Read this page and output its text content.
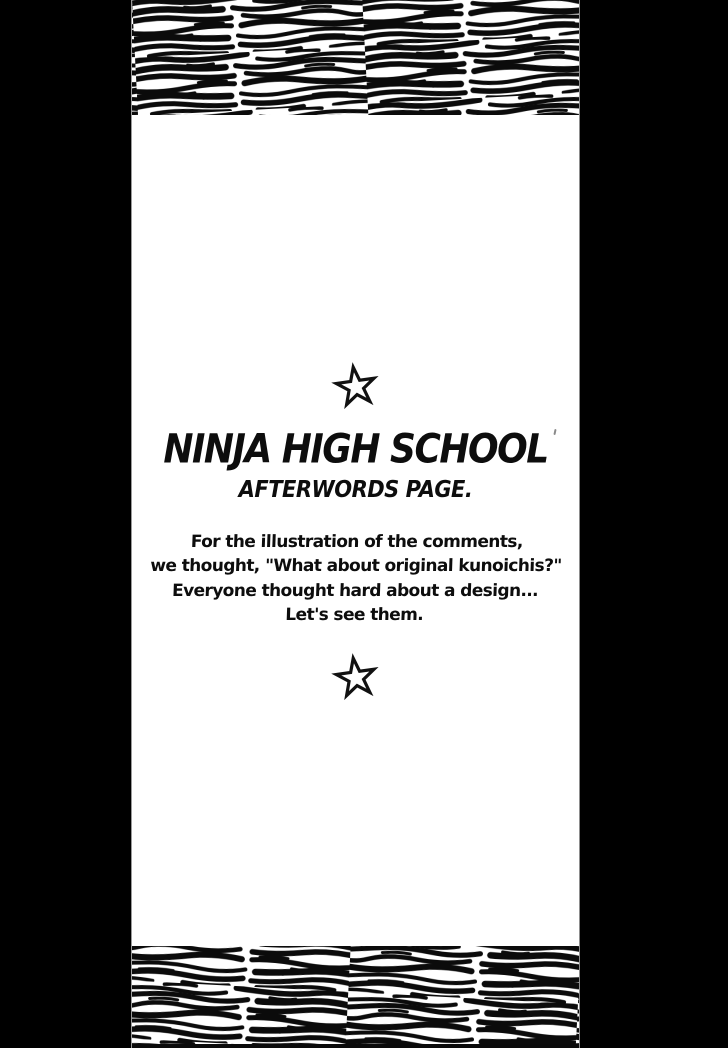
NINJA HIGH SCHOOL
AFTERWORDS PAGE.

For the illustration of the comments,

we thought, "What about original kunoichis?"

Everyone thought hard about a design...

Let's see them.
